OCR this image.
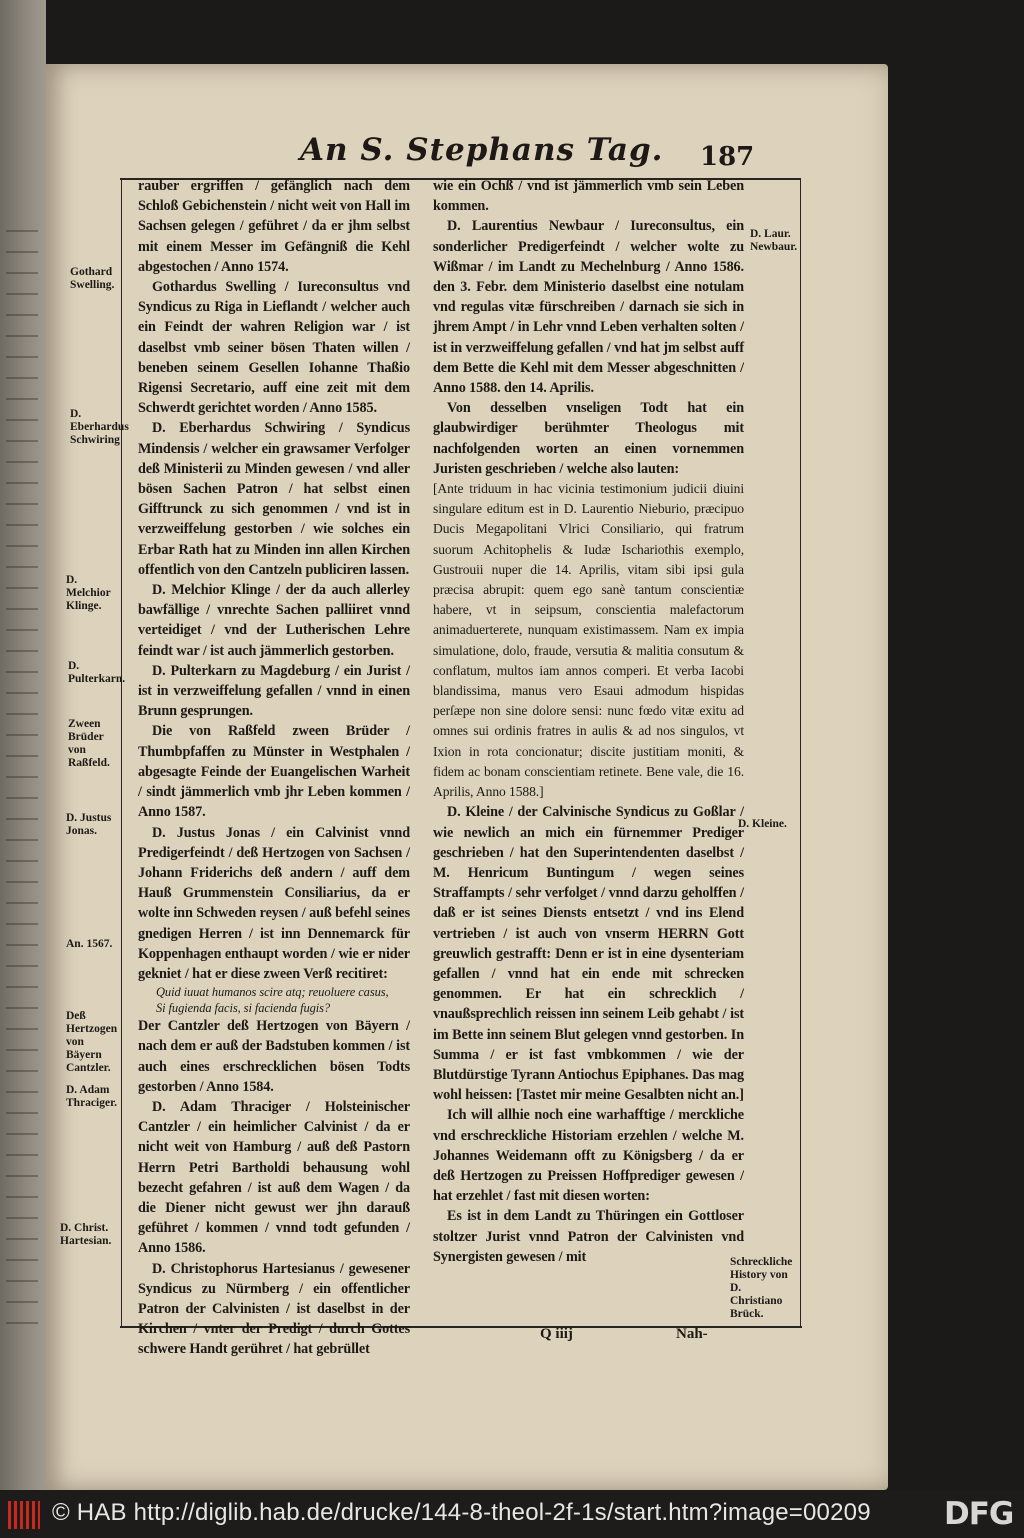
An S. Stephans Tag.	187

rauber ergriffen / gefänglich nach dem Schloß Gebichenstein / nicht weit von Hall im Sachsen gelegen / geführet / da er jhm selbst mit einem Messer im Gefängniß die Kehl abgestochen / Anno 1574.

Gothardus Swelling / Iureconsultus vnd Syndicus zu Riga in Lieflandt / welcher auch ein Feindt der wahren Religion war / ist daselbst vmb seiner bösen Thaten willen / beneben seinem Gesellen Iohanne Thaßio Rigensi Secretario, auff eine zeit mit dem Schwerdt gerichtet worden / Anno 1585.

D. Eberhardus Schwiring / Syndicus Mindensis / welcher ein grawsamer Verfolger deß Ministerii zu Minden gewesen / vnd aller bösen Sachen Patron / hat selbst einen Gifftrunck zu sich genommen / vnd ist in verzweiffelung gestorben / wie solches ein Erbar Rath hat zu Minden inn allen Kirchen offentlich von den Cantzeln publiciren lassen.

D. Melchior Klinge / der da auch allerley bawfällige / vnrechte Sachen palliiret vnnd verteidiget / vnd der Lutherischen Lehre feindt war / ist auch jämmerlich gestorben.

D. Pulterkarn zu Magdeburg / ein Jurist / ist in verzweiffelung gefallen / vnnd in einen Brunn gesprungen.

Die von Raßfeld zween Brüder / Thumbpfaffen zu Münster in Westphalen / abgesagte Feinde der Euangelischen Warheit / sindt jämmerlich vmb jhr Leben kommen / Anno 1587.

D. Justus Jonas / ein Calvinist vnnd Predigerfeindt / deß Hertzogen von Sachsen / Johann Friderichs deß andern / auff dem Hauß Grummenstein Consiliarius, da er wolte inn Schweden reysen / auß befehl seines gnedigen Herren / ist inn Dennemarck für Koppenhagen enthaupt worden / wie er nider gekniet / hat er diese zween Verß recitiret:

Quid iuuat humanos scire atq; reuoluere casus,

Si fugienda facis, si facienda fugis?

Der Cantzler deß Hertzogen von Bäyern / nach dem er auß der Badstuben kommen / ist auch eines erschrecklichen bösen Todts gestorben / Anno 1584.

D. Adam Thraciger / Holsteinischer Cantzler / ein heimlicher Calvinist / da er nicht weit von Hamburg / auß deß Pastorn Herrn Petri Bartholdi behausung wohl bezecht gefahren / ist auß dem Wagen / da die Diener nicht gewust wer jhn darauß geführet / kommen / vnnd todt gefunden / Anno 1586.

D. Christophorus Hartesianus / gewesener Syndicus zu Nürmberg / ein offentlicher Patron der Calvinisten / ist daselbst in der Kirchen / vnter der Predigt / durch Gottes schwere Handt gerühret / hat gebrüllet

wie ein Ochß / vnd ist jämmerlich vmb sein Leben kommen.

D. Laurentius Newbaur / Iureconsultus, ein sonderlicher Predigerfeindt / welcher wolte zu Wißmar / im Landt zu Mechelnburg / Anno 1586. den 3. Febr. dem Ministerio daselbst eine notulam vnd regulas vitæ fürschreiben / darnach sie sich in jhrem Ampt / in Lehr vnnd Leben verhalten solten / ist in verzweiffelung gefallen / vnd hat jm selbst auff dem Bette die Kehl mit dem Messer abgeschnitten / Anno 1588. den 14. Aprilis.

Von desselben vnseligen Todt hat ein glaubwirdiger berühmter Theologus mit nachfolgenden worten an einen vornemmen Juristen geschrieben / welche also lauten:

[Ante triduum in hac vicinia testimonium judicii diuini singulare editum est in D. Laurentio Nieburio, præcipuo Ducis Megapolitani Vlrici Consiliario, qui fratrum suorum Achitophelis & Iudæ Ischariothis exemplo, Gustrouii nuper die 14. Aprilis, vitam sibi ipsi gula præcisa abrupit: quem ego sanè tantum conscientiæ habere, vt in seipsum, conscientia malefactorum animaduerterete, nunquam existimassem. Nam ex impia simulatione, dolo, fraude, versutia & malitia consutum & conflatum, multos iam annos comperi. Et verba Iacobi blandissima, manus vero Esaui admodum hispidas perſæpe non sine dolore sensi: nunc fœdo vitæ exitu ad omnes sui ordinis fratres in aulis & ad nos singulos, vt Ixion in rota concionatur; discite justitiam moniti, & fidem ac bonam conscientiam retinete. Bene vale, die 16. Aprilis, Anno 1588.]

D. Kleine / der Calvinische Syndicus zu Goßlar / wie newlich an mich ein fürnemmer Prediger geschrieben / hat den Superintendenten daselbst / M. Henricum Buntingum / wegen seines Straffampts / sehr verfolget / vnnd darzu geholffen / daß er ist seines Diensts entsetzt / vnd ins Elend vertrieben / ist auch von vnserm HERRN Gott greuwlich gestrafft: Denn er ist in eine dysenteriam gefallen / vnnd hat ein ende mit schrecken genommen. Er hat ein schrecklich / vnaußsprechlich reissen inn seinem Leib gehabt / ist im Bette inn seinem Blut gelegen vnnd gestorben. In Summa / er ist fast vmbkommen / wie der Blutdürstige Tyrann Antiochus Epiphanes. Das mag wohl heissen: [Tastet mir meine Gesalbten nicht an.]

Ich will allhie noch eine warhafftige / merckliche vnd erschreckliche Historiam erzehlen / welche M. Johannes Weidemann offt zu Königsberg / da er deß Hertzogen zu Preissen Hoffprediger gewesen / hat erzehlet / fast mit diesen worten:

Es ist in dem Landt zu Thüringen ein Gottloser stoltzer Jurist vnnd Patron der Calvinisten vnd Synergisten gewesen / mit

Gothard Swelling.
D. Eberhardus Schwiring
D. Melchior Klinge.
D. Pulterkarn.
Zween Brüder von Raßfeld.
D. Justus Jonas.
An. 1567.
Deß Hertzogen von Bäyern Cantzler.
D. Adam Thraciger.
D. Christ. Hartesian.
D. Laur. Newbaur.
D. Kleine.
Schreckliche History von D. Christiano Brück.
Q iiij	Nah-
© HAB http://diglib.hab.de/drucke/144-8-theol-2f-1s/start.htm?image=00209 DFG
